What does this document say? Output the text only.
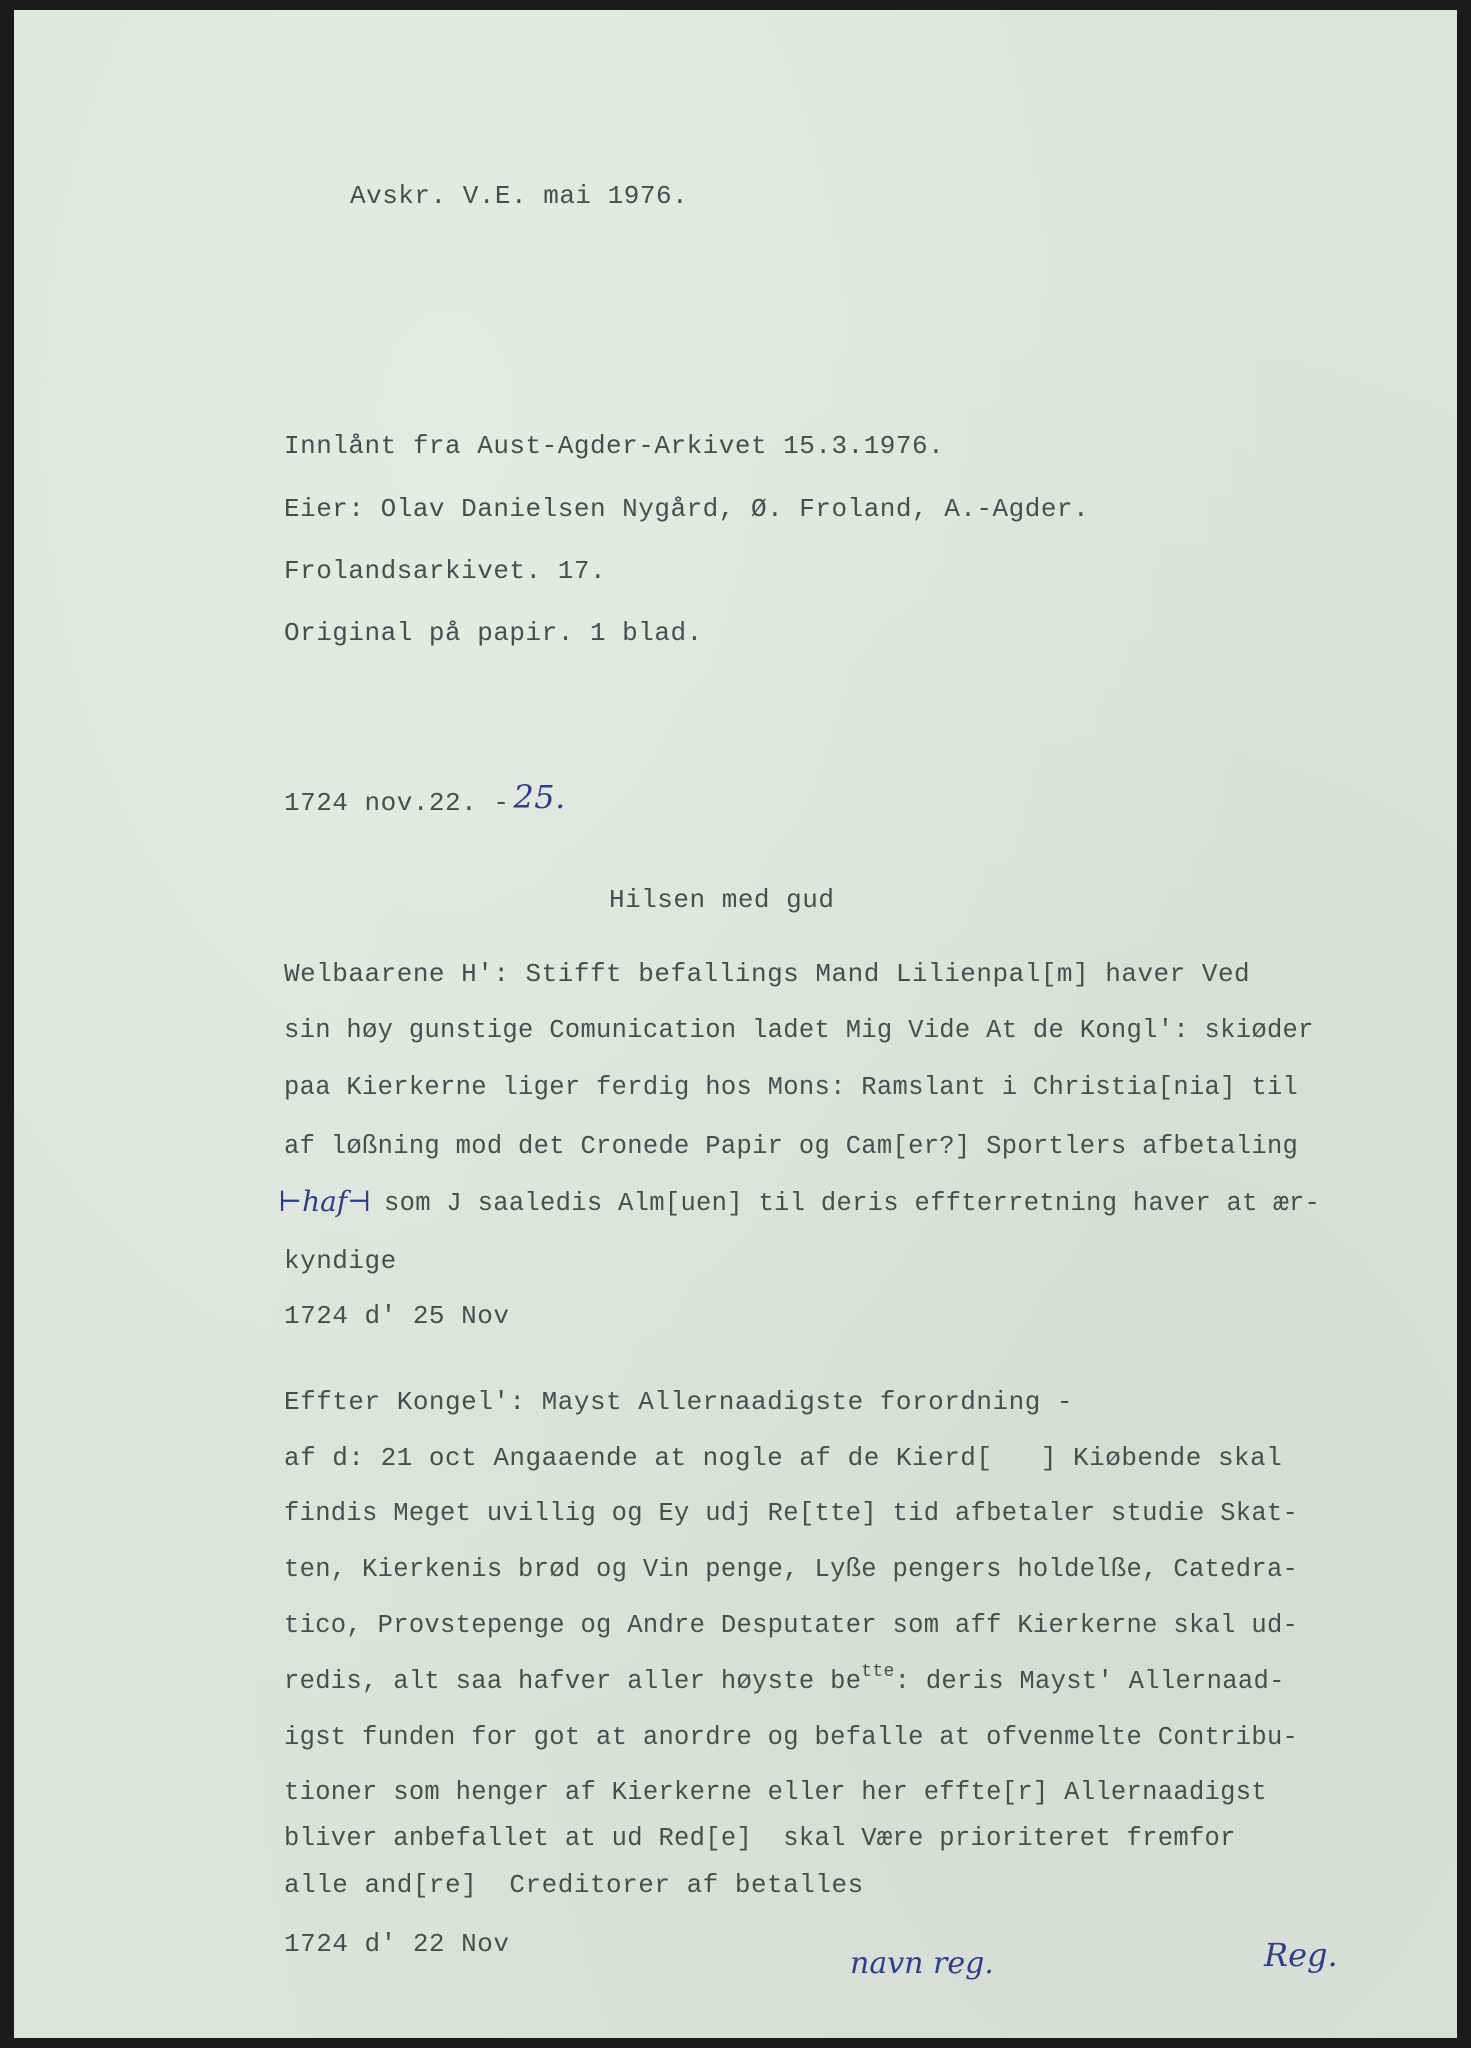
Avskr. V.E. mai 1976.

Innlånt fra Aust-Agder-Arkivet 15.3.1976.

Eier: Olav Danielsen Nygård, Ø. Froland, A.-Agder.

Frolandsarkivet. 17.

Original på papir. 1 blad.

1724 nov.22. - 25.

Hilsen med gud

Welbaarene H': Stifft befallings Mand Lilienpal[m] haver Ved

sin høy gunstige Comunication ladet Mig Vide At de Kongl': skiøder

paa Kierkerne liger ferdig hos Mons: Ramslant i Christia[nia] til

af løßning mod det Cronede Papir og Cam[er?] Sportlers afbetaling

⊢haf⊣ som J saaledis Alm[uen] til deris effterretning haver at ær-

kyndige

1724 d' 25 Nov

Effter Kongel': Mayst Allernaadigste forordning -

af d: 21 oct Angaaende at nogle af de Kierd[   ] Kiøbende skal

findis Meget uvillig og Ey udj Re[tte] tid afbetaler studie Skat-

ten, Kierkenis brød og Vin penge, Lyße pengers holdelße, Catedra-

tico, Provstepenge og Andre Desputater som aff Kierkerne skal ud-

redis, alt saa hafver aller høyste $be^{tte}$: deris Mayst' Allernaad-

igst funden for got at anordre og befalle at ofvenmelte Contribu-

tioner som henger af Kierkerne eller her effte[r] Allernaadigst

bliver anbefallet at ud Red[e]  skal Være prioriteret fremfor

alle and[re]  Creditorer af betalles

1724 d' 22 Nov

navn reg.	Reg.
